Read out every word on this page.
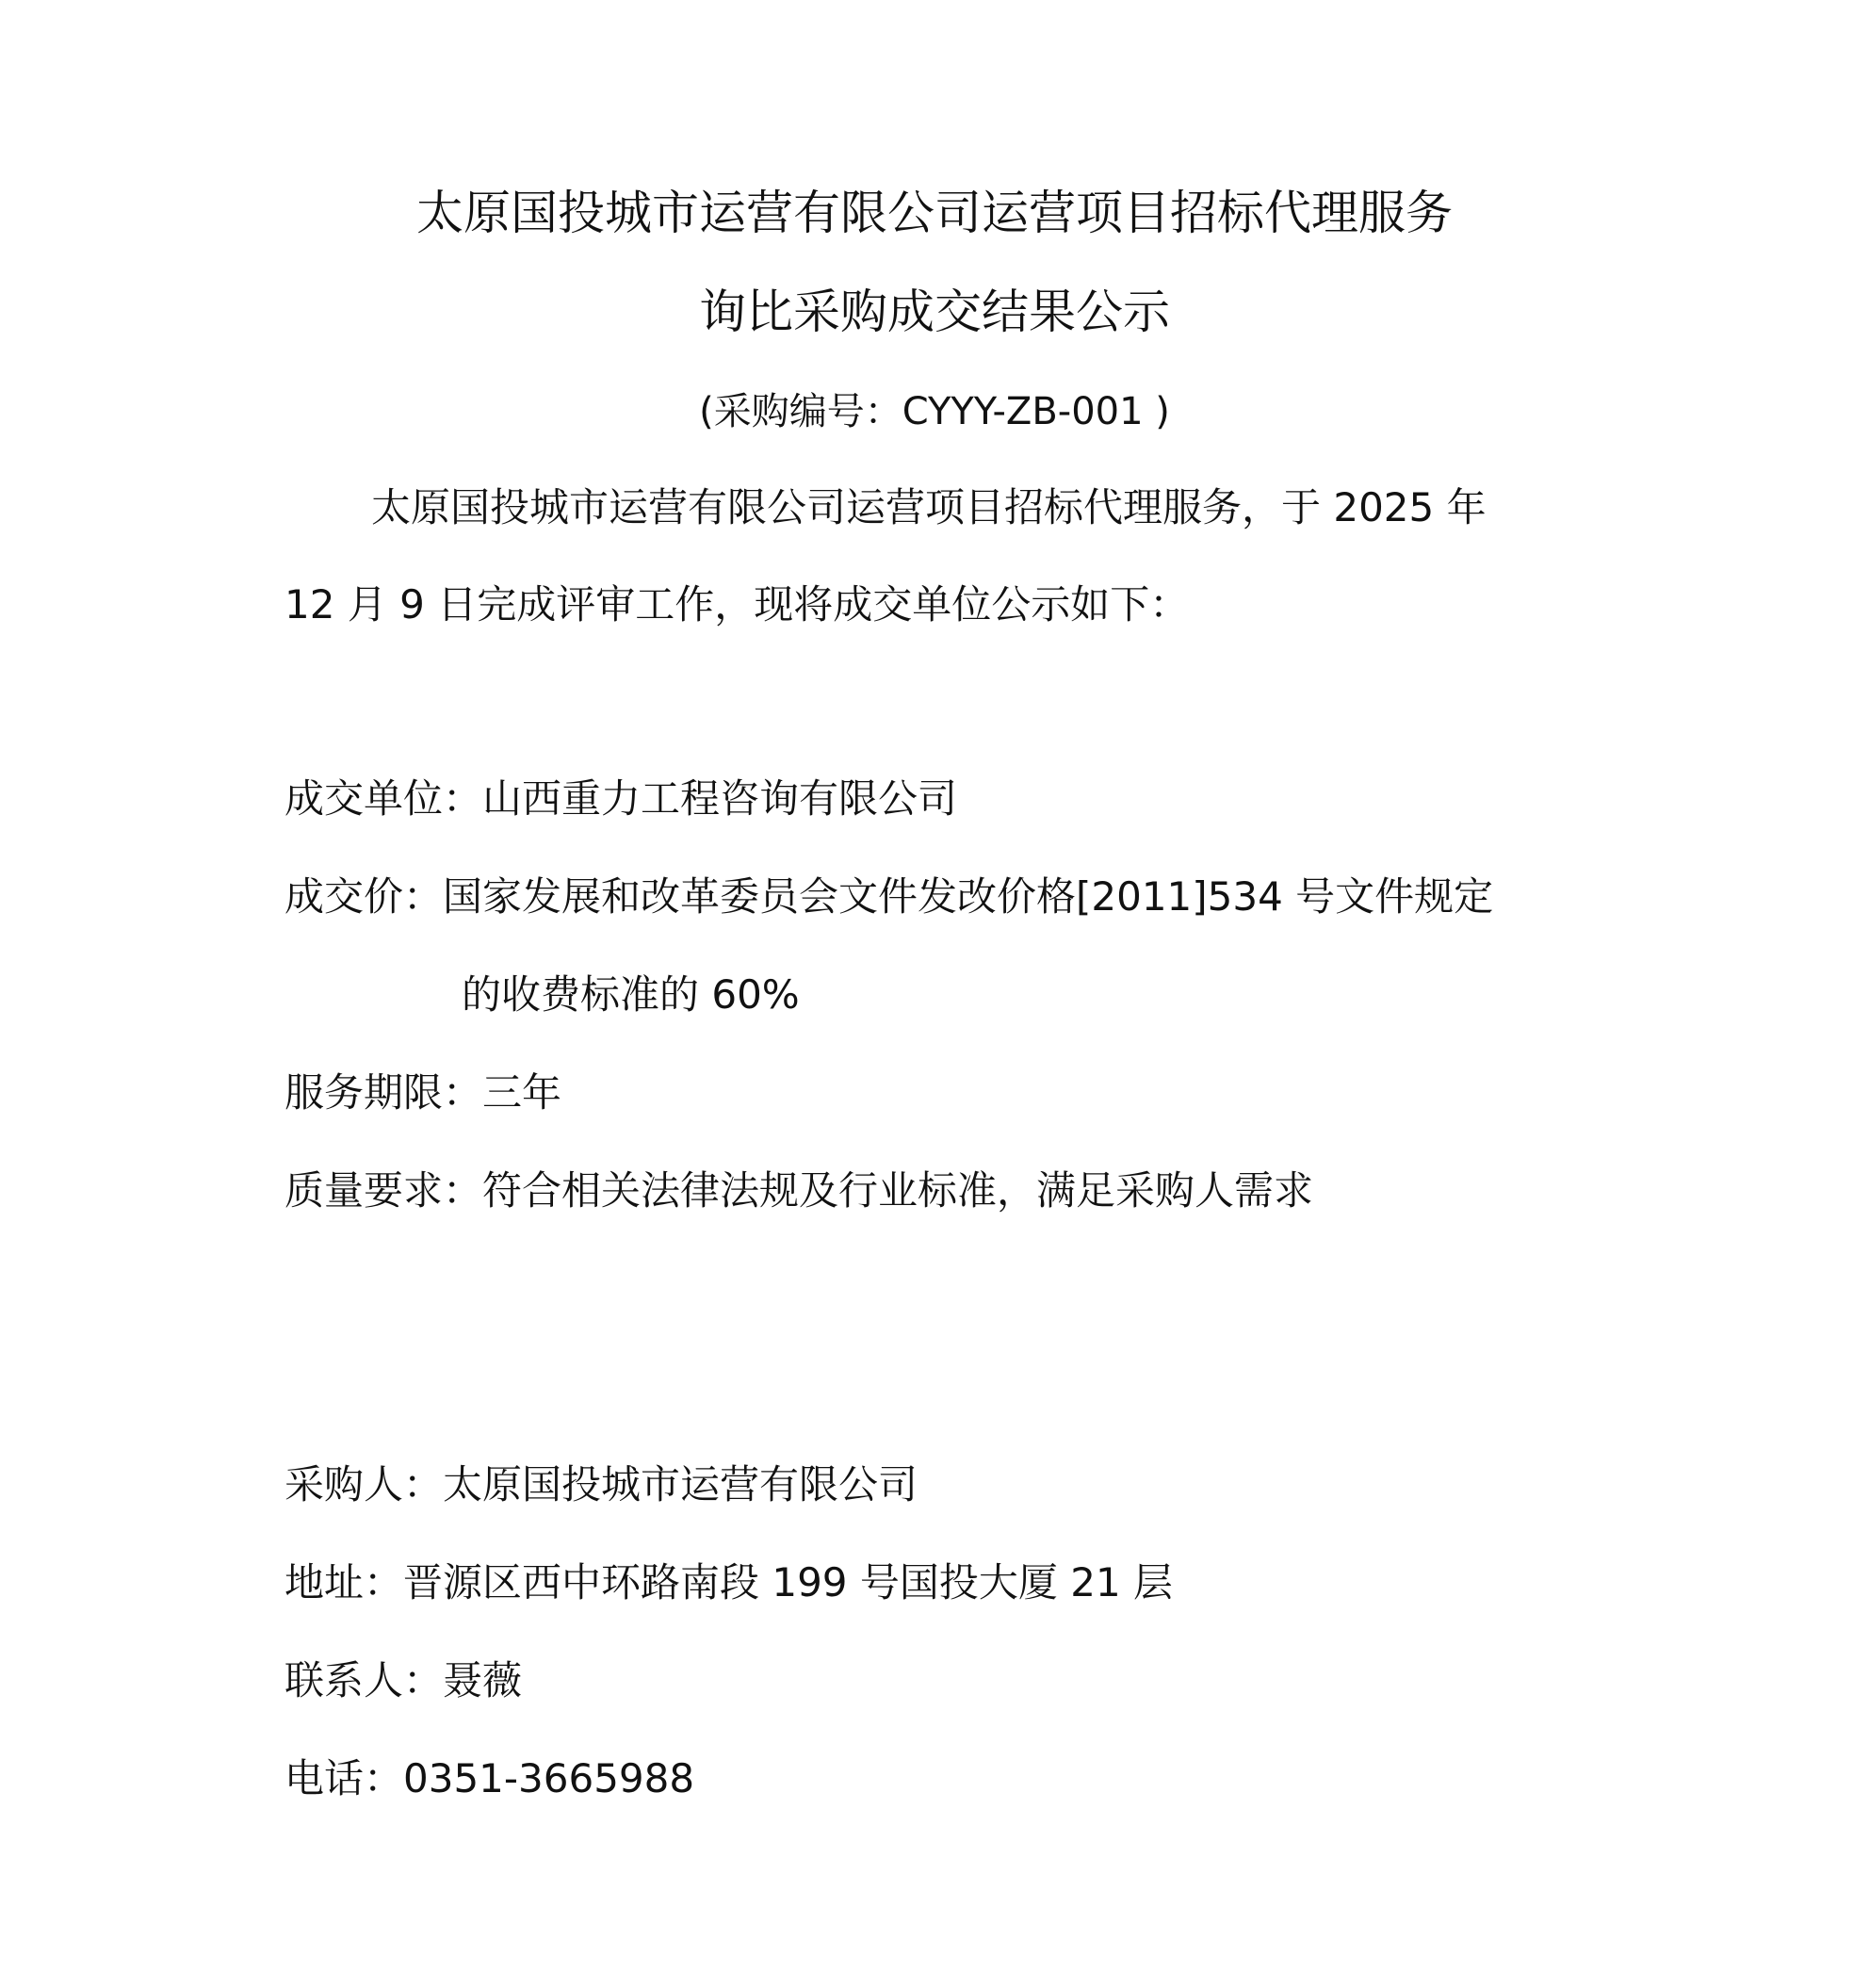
太原国投城市运营有限公司运营项目招标代理服务
询比采购成交结果公示
(采购编号：CYYY-ZB-001 )
太原国投城市运营有限公司运营项目招标代理服务，于 2025 年
12 月 9 日完成评审工作，现将成交单位公示如下：
成交单位：山西重力工程咨询有限公司
成交价：国家发展和改革委员会文件发改价格[2011]534 号文件规定
的收费标准的 60%
服务期限：三年
质量要求：符合相关法律法规及行业标准，满足采购人需求
采购人：太原国投城市运营有限公司
地址：晋源区西中环路南段 199 号国投大厦 21 层
联系人：聂薇
电话：0351-3665988
